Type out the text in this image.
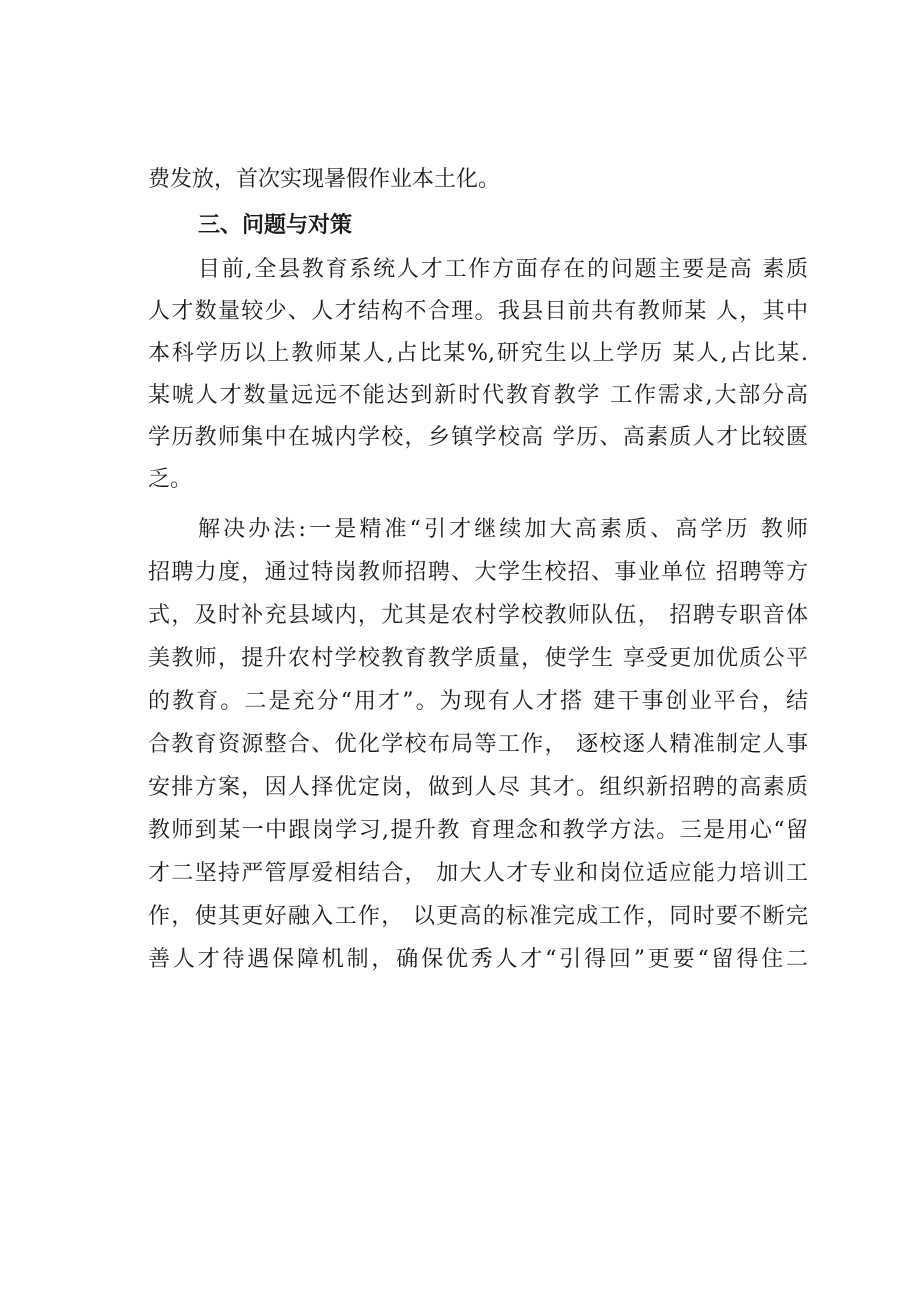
费发放，首次实现暑假作业本土化。
三、问题与对策
目前,全县教育系统人才工作方面存在的问题主要是高 素质
人才数量较少、人才结构不合理。我县目前共有教师某 人，其中
本科学历以上教师某人,占比某%,研究生以上学历 某人,占比某.
某唬人才数量远远不能达到新时代教育教学 工作需求,大部分高
学历教师集中在城内学校，乡镇学校高 学历、高素质人才比较匮
乏。
解决办法:一是精准“引才继续加大高素质、高学历 教师
招聘力度，通过特岗教师招聘、大学生校招、事业单位 招聘等方
式，及时补充县域内，尤其是农村学校教师队伍， 招聘专职音体
美教师，提升农村学校教育教学质量，使学生 享受更加优质公平
的教育。二是充分“用才”。为现有人才搭 建干事创业平台，结
合教育资源整合、优化学校布局等工作， 逐校逐人精准制定人事
安排方案，因人择优定岗，做到人尽 其才。组织新招聘的高素质
教师到某一中跟岗学习,提升教 育理念和教学方法。三是用心“留
才二坚持严管厚爱相结合， 加大人才专业和岗位适应能力培训工
作，使其更好融入工作， 以更高的标准完成工作，同时要不断完
善人才待遇保障机制，确保优秀人才“引得回”更要“留得住二
